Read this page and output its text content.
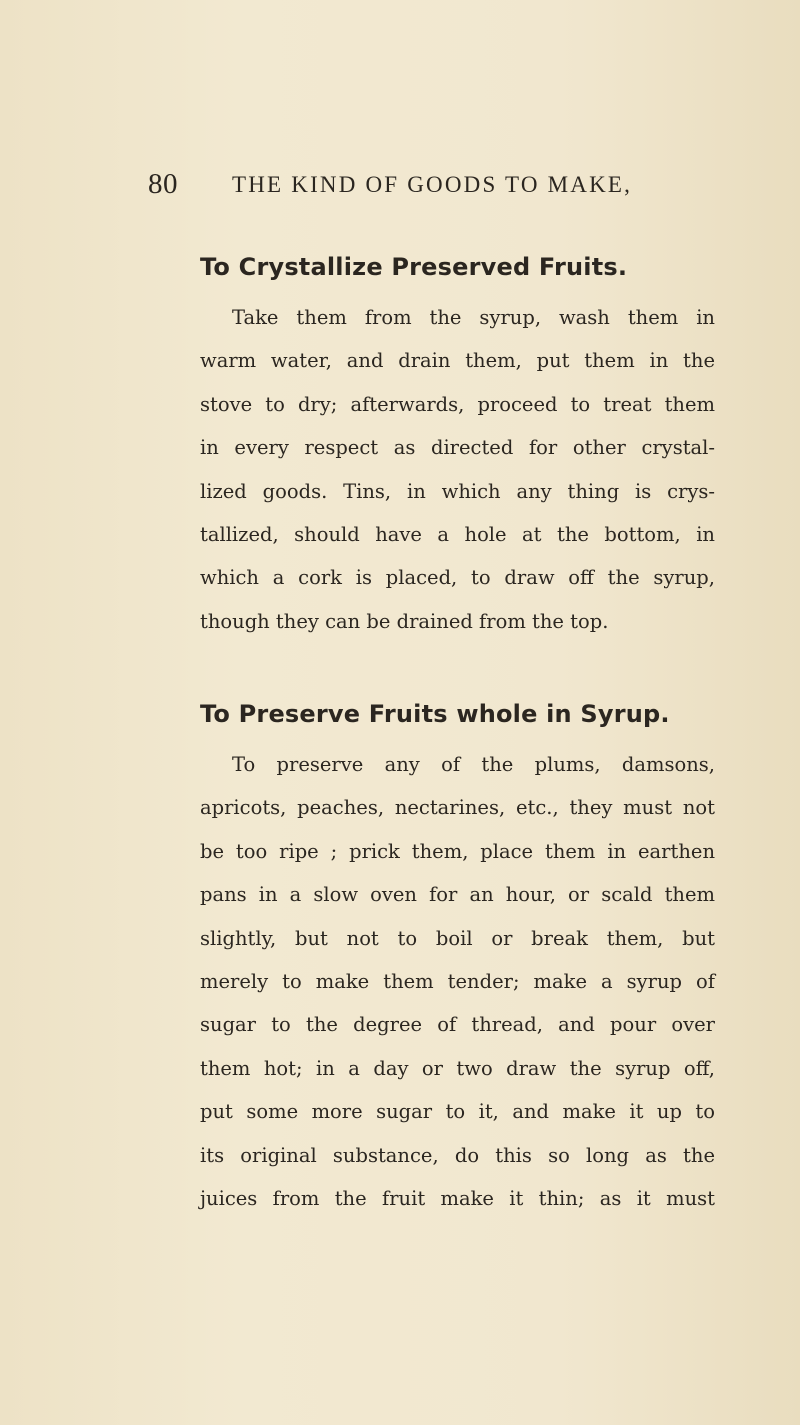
80 THE KIND OF GOODS TO MAKE,
To Crystallize Preserved Fruits.
Take them from the syrup, wash them in
warm water, and drain them, put them in the
stove to dry; afterwards, proceed to treat them
in every respect as directed for other crystal-
lized goods. Tins, in which any thing is crys-
tallized, should have a hole at the bottom, in
which a cork is placed, to draw off the syrup,
though they can be drained from the top.
To Preserve Fruits whole in Syrup.
To preserve any of the plums, damsons,
apricots, peaches, nectarines, etc., they must not
be too ripe ; prick them, place them in earthen
pans in a slow oven for an hour, or scald them
slightly, but not to boil or break them, but
merely to make them tender; make a syrup of
sugar to the degree of thread, and pour over
them hot; in a day or two draw the syrup off,
put some more sugar to it, and make it up to
its original substance, do this so long as the
juices from the fruit make it thin; as it must
